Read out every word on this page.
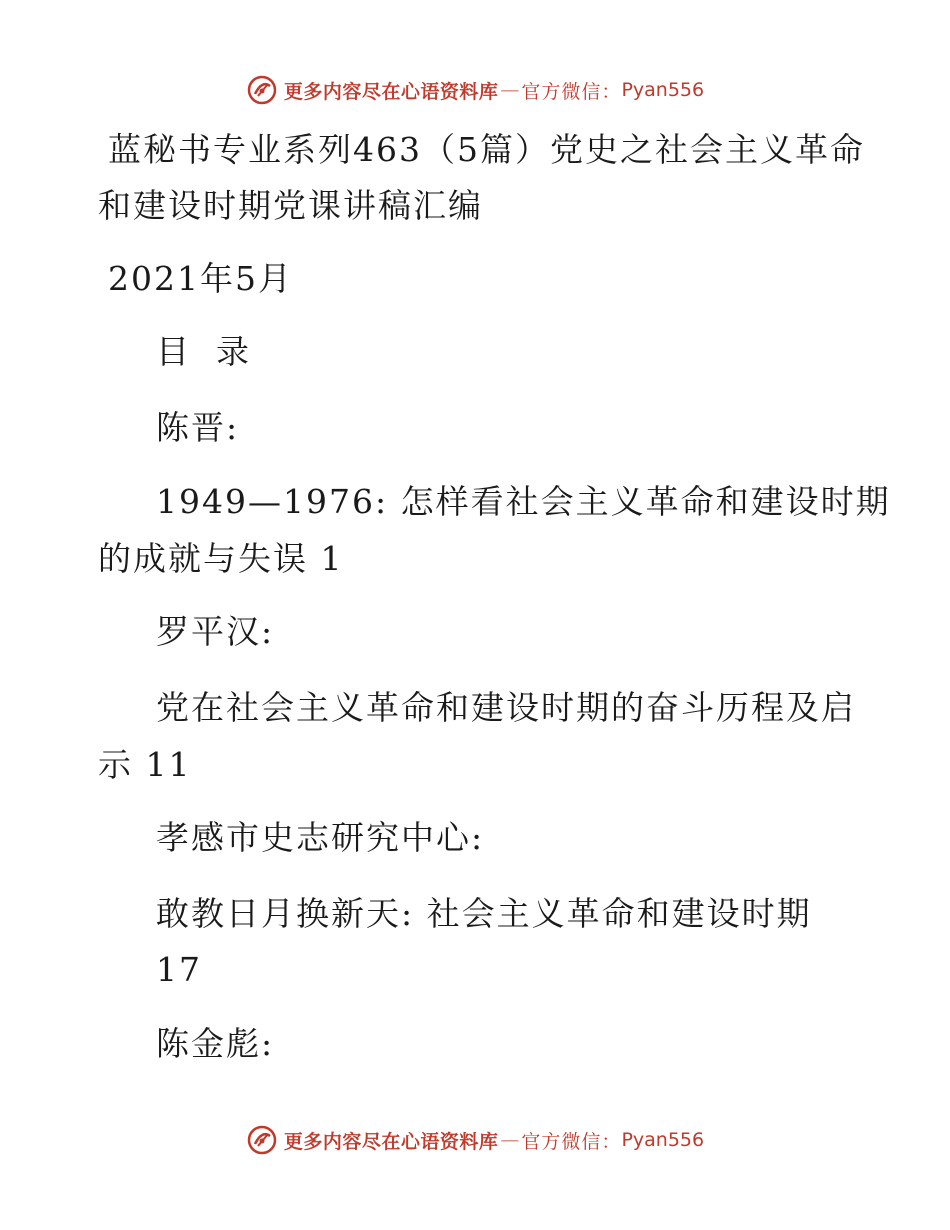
更多内容尽在心语资料库 — 官方微信： Pyan556
蓝秘书专业系列463（5篇）党史之社会主义革命
和建设时期党课讲稿汇编
2021年5月
目  录
陈晋:
1949—1976: 怎样看社会主义革命和建设时期
的成就与失误 1
罗平汉:
党在社会主义革命和建设时期的奋斗历程及启
示 11
孝感市史志研究中心:
敢教日月换新天: 社会主义革命和建设时期
17
陈金彪:
更多内容尽在心语资料库 — 官方微信： Pyan556
